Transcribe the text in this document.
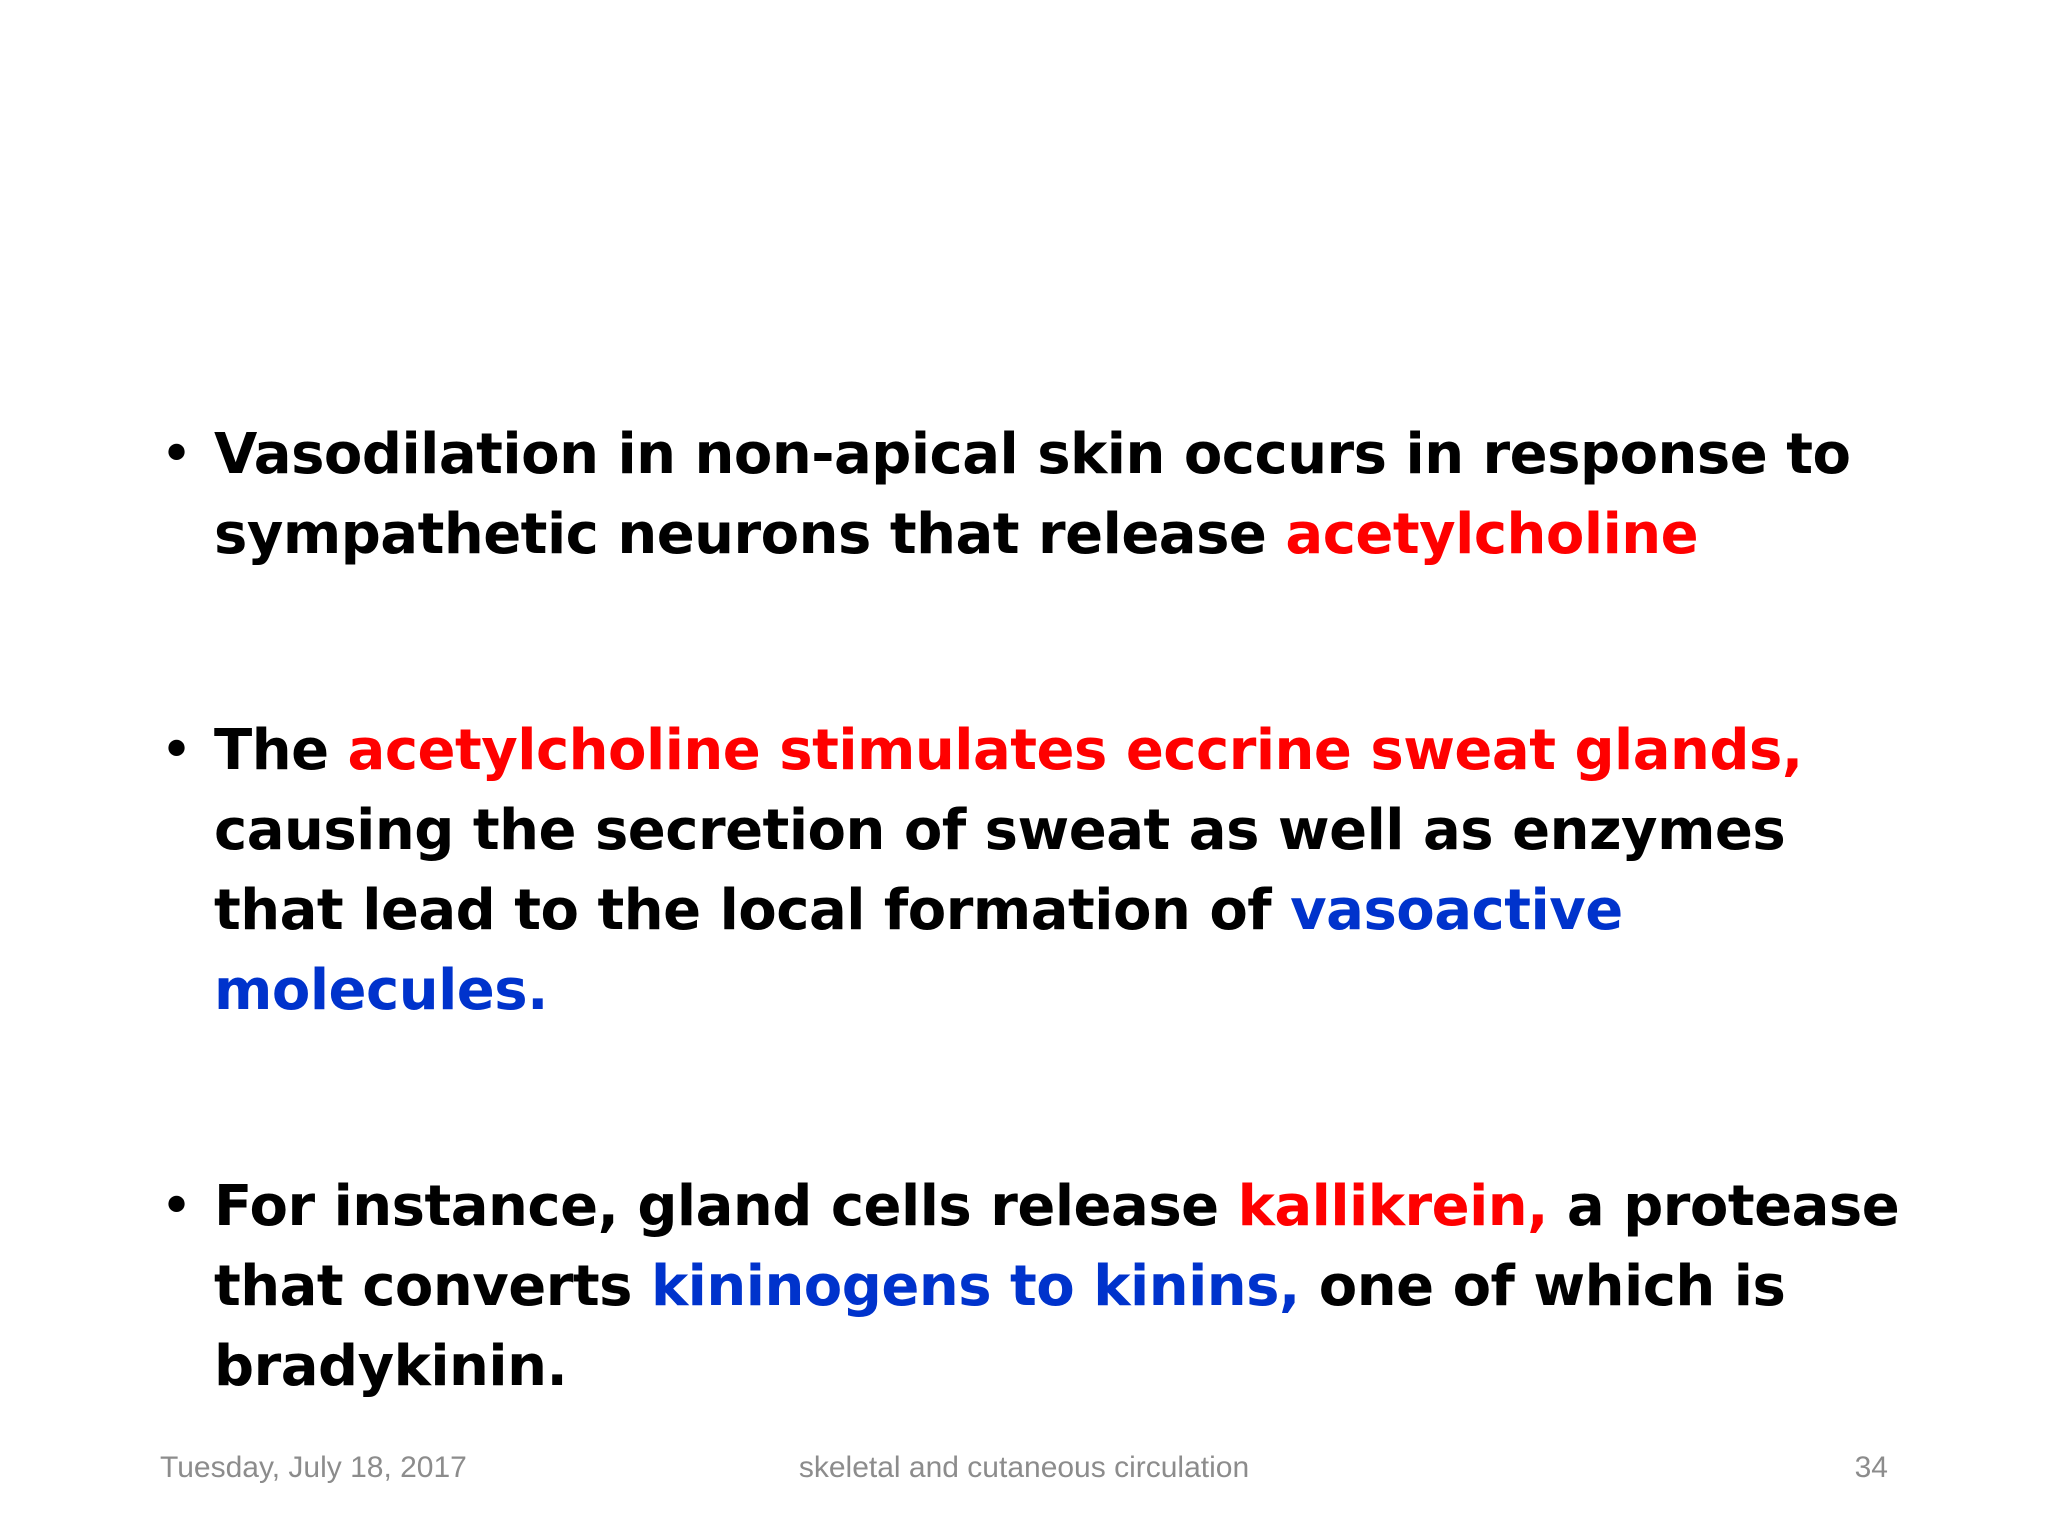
• Vasodilation in non-apical skin occurs in response to sympathetic neurons that release acetylcholine
• The acetylcholine stimulates eccrine sweat glands, causing the secretion of sweat as well as enzymes that lead to the local formation of vasoactive molecules.
• For instance, gland cells release kallikrein, a protease that converts kininogens to kinins, one of which is bradykinin.
Tuesday, July 18, 2017	skeletal and cutaneous circulation	34
